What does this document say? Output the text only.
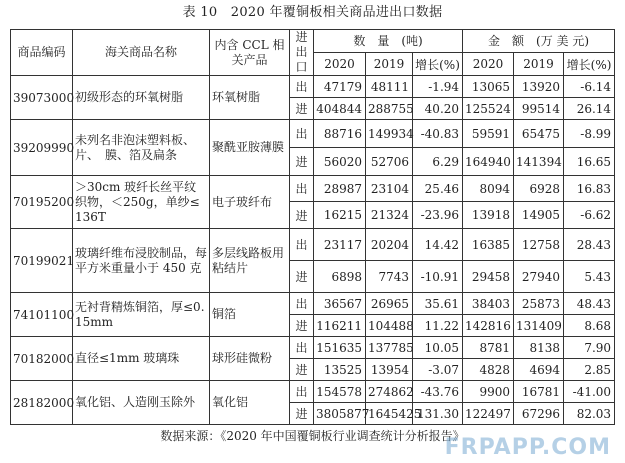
表 10　2020 年覆铜板相关商品进出口数据
商品编码	海关商品名称	内含 CCL 相关产品	进出口	数　量　(吨)			金　额　(万 美 元)		
				2020	2019	增长(%)	2020	2019	增长(%)
39073000	初级形态的环氧树脂	环氧树脂	出	47179	48111	-1.94	13065	13920	-6.14
			进	404844	288755	40.20	125524	99514	26.14
39209990	未列名非泡沫塑料板、片、　膜、箔及扁条	聚酰亚胺薄膜	出	88716	149934	-40.83	59591	65475	-8.99
			进	56020	52706	6.29	164940	141394	16.65
70195200	＞30cm 玻纤长丝平纹织物，＜250g，单纱≤136T	电子玻纤布	出	28987	23104	25.46	8094	6928	16.83
			进	16215	21324	-23.96	13918	14905	-6.62
70199021	玻璃纤维布浸胶制品，每平方米重量小于 450 克	多层线路板用粘结片	出	23117	20204	14.42	16385	12758	28.43
			进	6898	7743	-10.91	29458	27940	5.43
74101100	无衬背精炼铜箔，厚≤0.15mm	铜箔	出	36567	26965	35.61	38403	25873	48.43
			进	116211	104488	11.22	142816	131409	8.68
70182000	直径≤1mm 玻璃珠	球形硅微粉	出	151635	137785	10.05	8781	8138	7.90
			进	13525	13954	-3.07	4828	4694	2.85
28182000	氧化铝、人造刚玉除外	氧化铝	出	154578	274862	-43.76	9900	16781	-41.00
			进	3805877	1645425	131.30	122497	67296	82.03
数据来源：《2020 年中国覆铜板行业调查统计分析报告》
FRPAPP.COM
